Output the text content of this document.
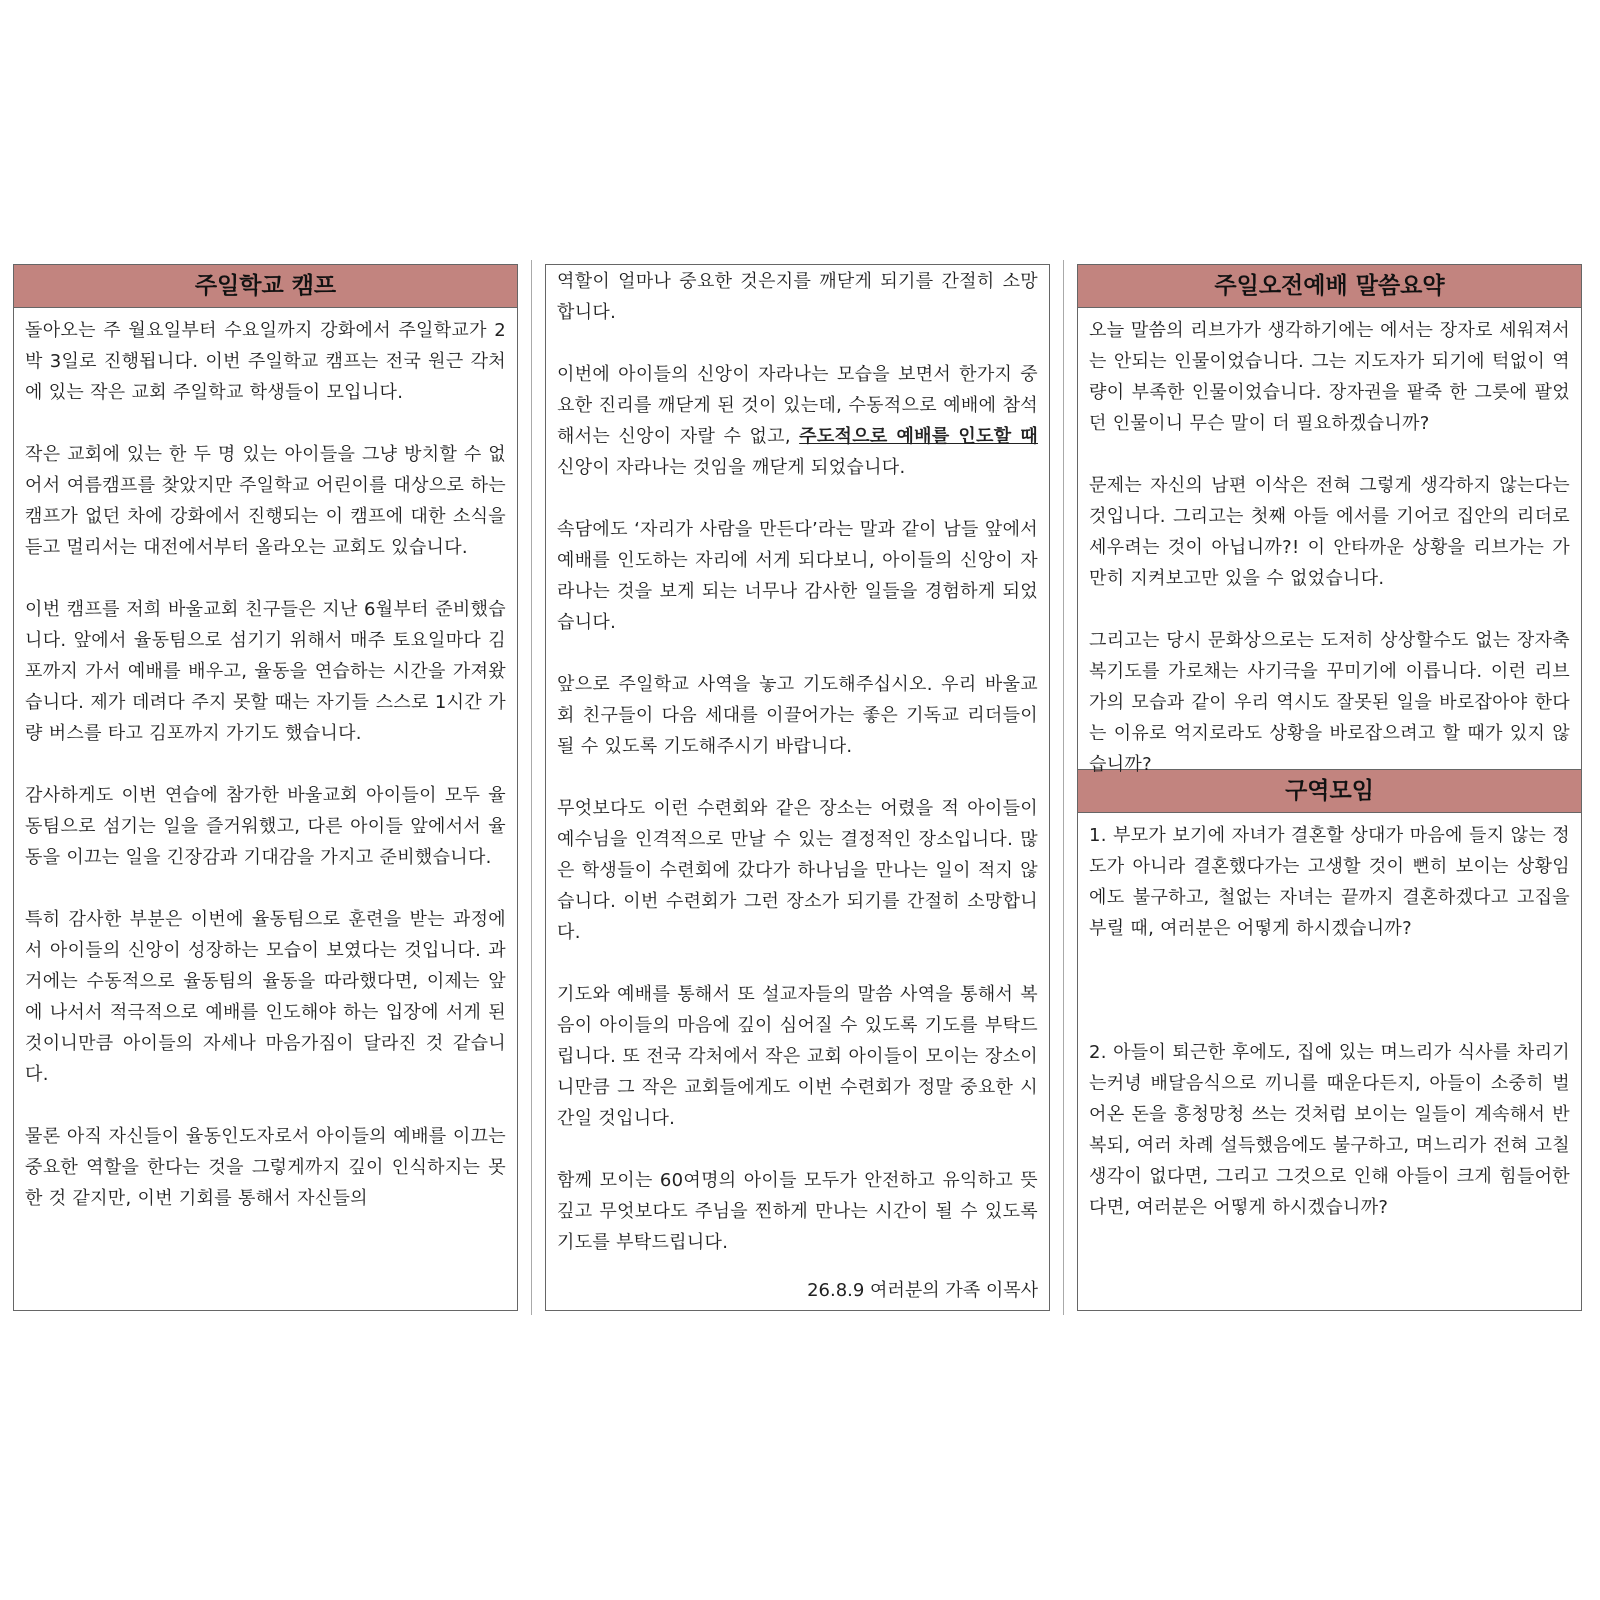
주일학교 캠프

돌아오는 주 월요일부터 수요일까지 강화에서 주일학교가 2박 3일로 진행됩니다. 이번 주일학교 캠프는 전국 원근 각처에 있는 작은 교회 주일학교 학생들이 모입니다.

작은 교회에 있는 한 두 명 있는 아이들을 그냥 방치할 수 없어서 여름캠프를 찾았지만 주일학교 어린이를 대상으로 하는 캠프가 없던 차에 강화에서 진행되는 이 캠프에 대한 소식을 듣고 멀리서는 대전에서부터 올라오는 교회도 있습니다.

이번 캠프를 저희 바울교회 친구들은 지난 6월부터 준비했습니다. 앞에서 율동팀으로 섬기기 위해서 매주 토요일마다 김포까지 가서 예배를 배우고, 율동을 연습하는 시간을 가져왔습니다. 제가 데려다 주지 못할 때는 자기들 스스로 1시간 가량 버스를 타고 김포까지 가기도 했습니다.

감사하게도 이번 연습에 참가한 바울교회 아이들이 모두 율동팀으로 섬기는 일을 즐거워했고, 다른 아이들 앞에서서 율동을 이끄는 일을 긴장감과 기대감을 가지고 준비했습니다.

특히 감사한 부분은 이번에 율동팀으로 훈련을 받는 과정에서 아이들의 신앙이 성장하는 모습이 보였다는 것입니다. 과거에는 수동적으로 율동팀의 율동을 따라했다면, 이제는 앞에 나서서 적극적으로 예배를 인도해야 하는 입장에 서게 된 것이니만큼 아이들의 자세나 마음가짐이 달라진 것 같습니다.

물론 아직 자신들이 율동인도자로서 아이들의 예배를 이끄는 중요한 역할을 한다는 것을 그렇게까지 깊이 인식하지는 못한 것 같지만, 이번 기회를 통해서 자신들의

역할이 얼마나 중요한 것은지를 깨닫게 되기를 간절히 소망합니다.

이번에 아이들의 신앙이 자라나는 모습을 보면서 한가지 중요한 진리를 깨닫게 된 것이 있는데, 수동적으로 예배에 참석해서는 신앙이 자랄 수 없고, 주도적으로 예배를 인도할 때 신앙이 자라나는 것임을 깨닫게 되었습니다.

속담에도 ‘자리가 사람을 만든다’라는 말과 같이 남들 앞에서 예배를 인도하는 자리에 서게 되다보니, 아이들의 신앙이 자라나는 것을 보게 되는 너무나 감사한 일들을 경험하게 되었습니다.

앞으로 주일학교 사역을 놓고 기도해주십시오. 우리 바울교회 친구들이 다음 세대를 이끌어가는 좋은 기독교 리더들이 될 수 있도록 기도해주시기 바랍니다.

무엇보다도 이런 수련회와 같은 장소는 어렸을 적 아이들이 예수님을 인격적으로 만날 수 있는 결정적인 장소입니다. 많은 학생들이 수련회에 갔다가 하나님을 만나는 일이 적지 않습니다. 이번 수련회가 그런 장소가 되기를 간절히 소망합니다.

기도와 예배를 통해서 또 설교자들의 말씀 사역을 통해서 복음이 아이들의 마음에 깊이 심어질 수 있도록 기도를 부탁드립니다. 또 전국 각처에서 작은 교회 아이들이 모이는 장소이니만큼 그 작은 교회들에게도 이번 수련회가 정말 중요한 시간일 것입니다.

함께 모이는 60여명의 아이들 모두가 안전하고 유익하고 뜻깊고 무엇보다도 주님을 찐하게 만나는 시간이 될 수 있도록 기도를 부탁드립니다.

26.8.9 여러분의 가족 이목사
주일오전예배 말씀요약

오늘 말씀의 리브가가 생각하기에는 에서는 장자로 세워져서는 안되는 인물이었습니다. 그는 지도자가 되기에 턱없이 역량이 부족한 인물이었습니다. 장자권을 팥죽 한 그릇에 팔었던 인물이니 무슨 말이 더 필요하겠습니까?

문제는 자신의 남편 이삭은 전혀 그렇게 생각하지 않는다는 것입니다. 그리고는 첫째 아들 에서를 기어코 집안의 리더로 세우려는 것이 아닙니까?! 이 안타까운 상황을 리브가는 가만히 지켜보고만 있을 수 없었습니다.

그리고는 당시 문화상으로는 도저히 상상할수도 없는 장자축복기도를 가로채는 사기극을 꾸미기에 이릅니다. 이런 리브가의 모습과 같이 우리 역시도 잘못된 일을 바로잡아야 한다는 이유로 억지로라도 상황을 바로잡으려고 할 때가 있지 않습니까?

구역모임

1. 부모가 보기에 자녀가 결혼할 상대가 마음에 들지 않는 정도가 아니라 결혼했다가는 고생할 것이 뻔히 보이는 상황임에도 불구하고, 철없는 자녀는 끝까지 결혼하겠다고 고집을 부릴 때, 여러분은 어떻게 하시겠습니까?

2. 아들이 퇴근한 후에도, 집에 있는 며느리가 식사를 차리기는커녕 배달음식으로 끼니를 때운다든지, 아들이 소중히 벌어온 돈을 흥청망청 쓰는 것처럼 보이는 일들이 계속해서 반복되, 여러 차례 설득했음에도 불구하고, 며느리가 전혀 고칠 생각이 없다면, 그리고 그것으로 인해 아들이 크게 힘들어한다면, 여러분은 어떻게 하시겠습니까?
